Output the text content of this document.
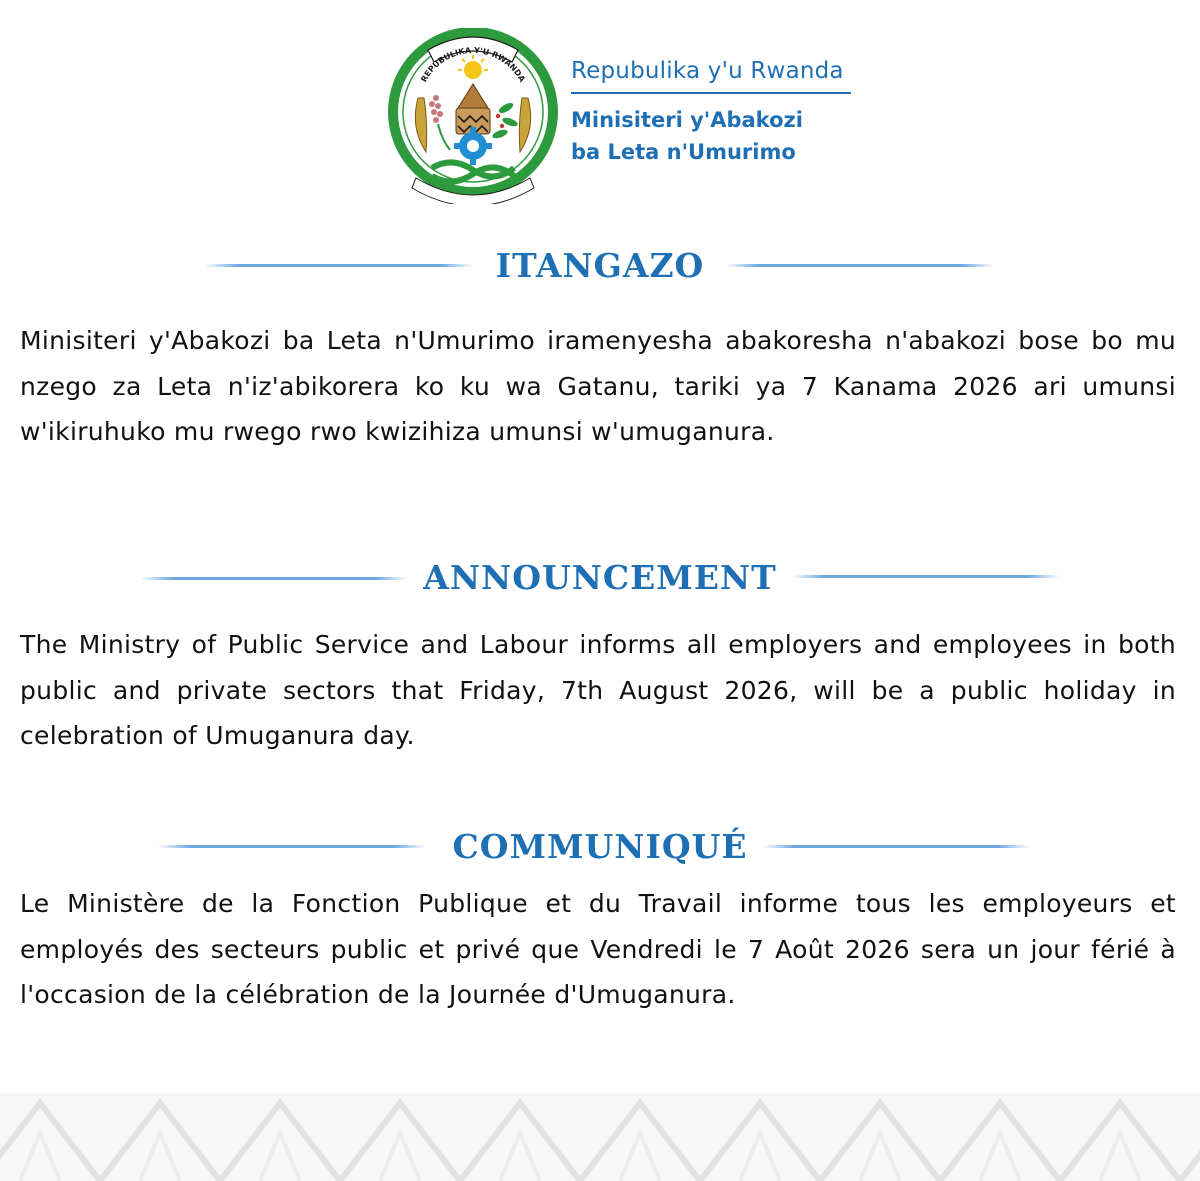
REPUBULIKA Y'U RWANDA Repubulika y'u Rwanda
Minisiteri y'Abakozi
ba Leta n'Umurimo
ITANGAZO
Minisiteri y'Abakozi ba Leta n'Umurimo iramenyesha abakoresha n'abakozi bose bo mu nzego za Leta n'iz'abikorera ko ku wa Gatanu, tariki ya 7 Kanama 2026 ari umunsi w'ikiruhuko mu rwego rwo kwizihiza umunsi w'umuganura.
ANNOUNCEMENT
The Ministry of Public Service and Labour informs all employers and employees in both public and private sectors that Friday, 7th August 2026, will be a public holiday in celebration of Umuganura day.
COMMUNIQUÉ
Le Ministère de la Fonction Publique et du Travail informe tous les employeurs et employés des secteurs public et privé que Vendredi le 7 Août 2026 sera un jour férié à l'occasion de la célébration de la Journée d'Umuganura.
